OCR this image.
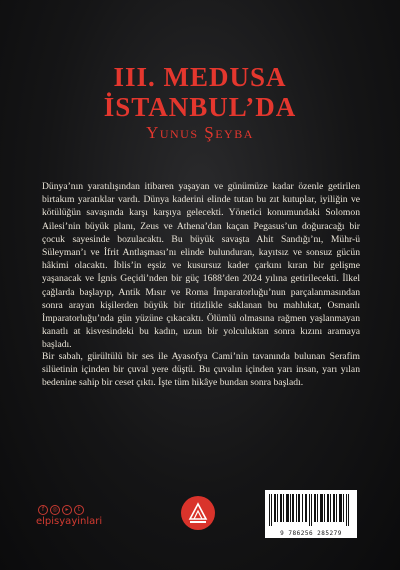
III. MEDUSA
İSTANBUL’DA
Yunus Şeyba

Dünya’nın yaratılışından itibaren yaşayan ve günümüze kadar özenle getirilen birtakım yaratıklar vardı. Dünya kaderini elinde tutan bu zıt kutuplar, iyiliğin ve kötülüğün savaşında karşı karşıya gelecekti. Yönetici konumundaki Solomon Ailesi’nin büyük planı, Zeus ve Athena’dan kaçan Pegasus’un doğuracağı bir çocuk sayesinde bozulacaktı. Bu büyük savaşta Ahit Sandığı’nı, Mühr-ü Süleyman’ı ve İfrit Antlaşması’nı elinde bulunduran, kayıtsız ve sonsuz gücün hâkimi olacaktı. İblis’in eşsiz ve kusursuz kader çarkını kıran bir gelişme yaşanacak ve İgnis Geçidi’nden bir güç 1688’den 2024 yılına getirilecekti. İlkel çağlarda başlayıp, Antik Mısır ve Roma İmparatorluğu’nun parçalanmasından sonra arayan kişilerden büyük bir titizlikle saklanan bu mahlukat, Osmanlı İmparatorluğu’nda gün yüzüne çıkacaktı. Ölümlü olmasına rağmen yaşlanmayan kanatlı at kisvesindeki bu kadın, uzun bir yolculuktan sonra kızını aramaya başladı.

Bir sabah, gürültülü bir ses ile Ayasofya Cami’nin tavanında bulunan Serafim silüetinin içinden bir çuval yere düştü. Bu çuvalın içinden yarı insan, yarı yılan bedenine sahip bir ceset çıktı. İşte tüm hikâye bundan sonra başladı.

f	◎	▸	t
elpisyayinlari
9 786256 285279
